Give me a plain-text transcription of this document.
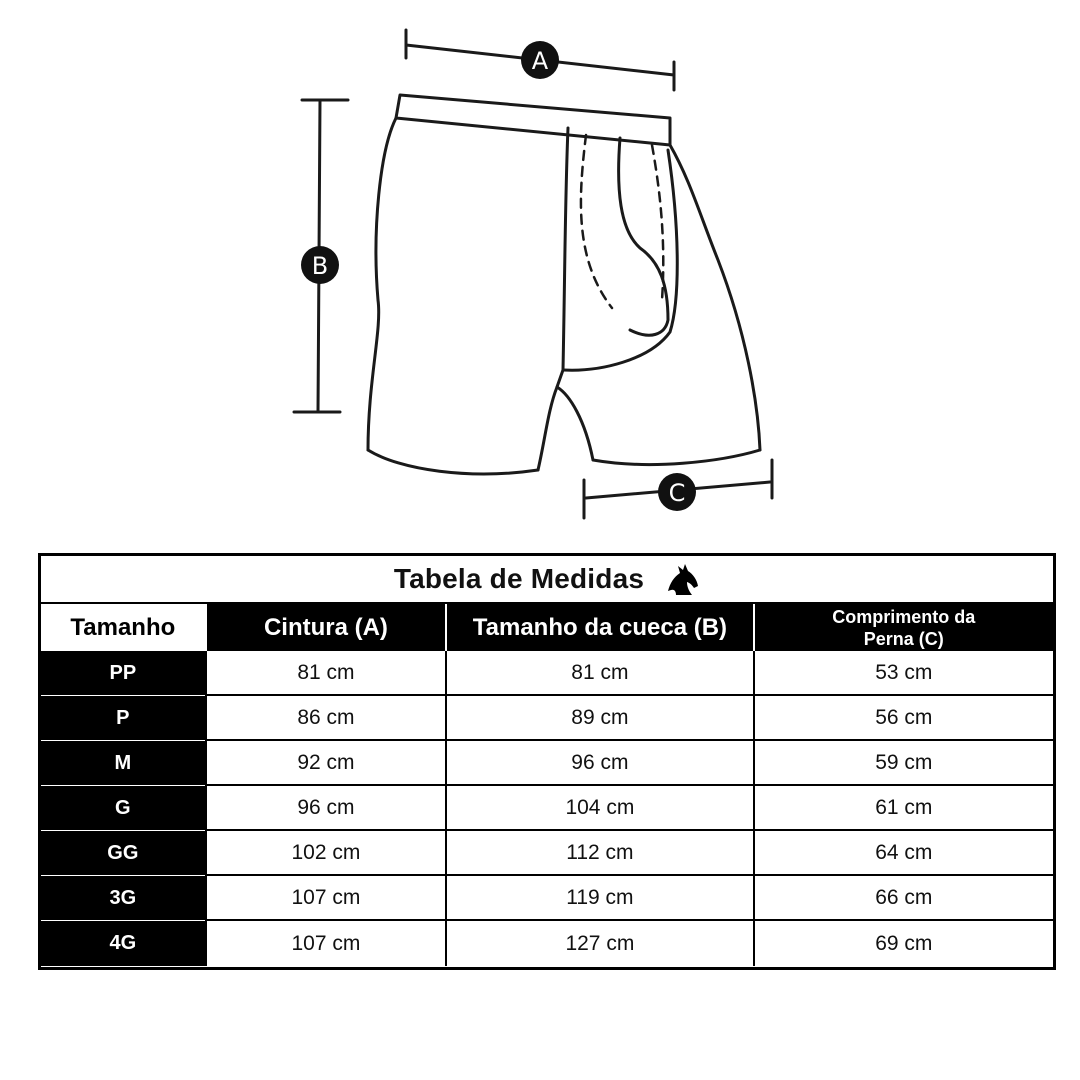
A
B
C
Tabela de Medidas
Tamanho	Cintura (A)	Tamanho da cueca (B)	Comprimento da
Perna (C)
PP	81 cm	81 cm	53 cm
P	86 cm	89 cm	56 cm
M	92 cm	96 cm	59 cm
G	96 cm	104 cm	61 cm
GG	102 cm	112 cm	64 cm
3G	107 cm	119 cm	66 cm
4G	107 cm	127 cm	69 cm
